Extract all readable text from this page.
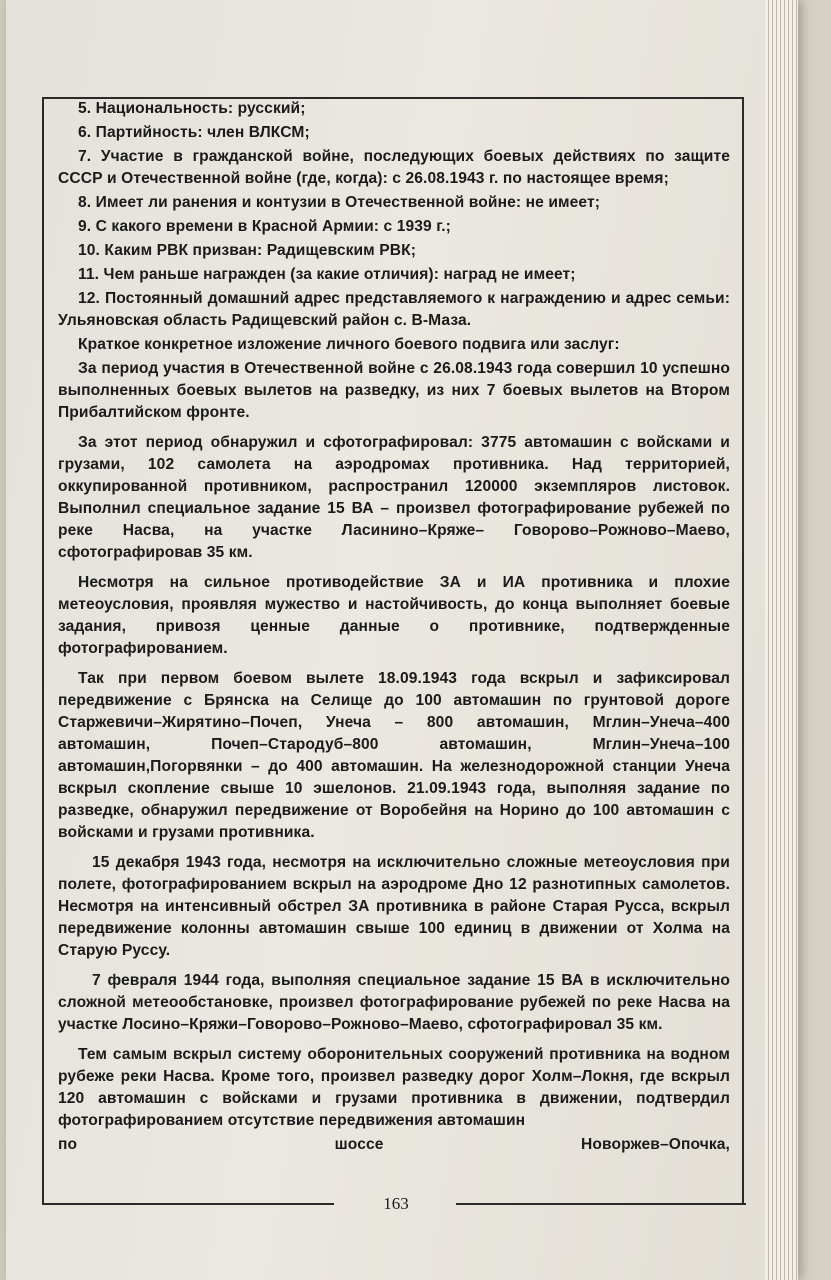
5. Национальность: русский;

6. Партийность: член ВЛКСМ;

7. Участие в гражданской войне, последующих боевых действиях по защите СССР и Отечественной войне (где, когда): с 26.08.1943 г. по настоящее время;

8. Имеет ли ранения и контузии в Отечественной войне: не имеет;

9. С какого времени в Красной Армии: с 1939 г.;

10. Каким РВК призван: Радищевским РВК;

11. Чем раньше награжден (за какие отличия): наград не имеет;

12. Постоянный домашний адрес представляемого к награждению и адрес семьи: Ульяновская область Радищевский район с. В-Маза.

Краткое конкретное изложение личного боевого подвига или заслуг:

За период участия в Отечественной войне с 26.08.1943 года совершил 10 успешно выполненных боевых вылетов на разведку, из них 7 боевых вылетов на Втором Прибалтийском фронте.

За этот период обнаружил и сфотографировал: 3775 автомашин с войсками и грузами, 102 самолета на аэродромах противника. Над территорией, оккупированной противником, распространил 120000 экземпляров листовок. Выполнил специальное задание 15 ВА – произвел фотографирование рубежей по реке Насва, на участке Ласинино–Кряже– Говорово–Рожново–Маево, сфотографировав 35 км.

Несмотря на сильное противодействие ЗА и ИА противника и плохие метеоусловия, проявляя мужество и настойчивость, до конца выполняет боевые задания, привозя ценные данные о противнике, подтвержденные фотографированием.

Так при первом боевом вылете 18.09.1943 года вскрыл и зафиксировал передвижение с Брянска на Селище до 100 автомашин по грунтовой дороге Старжевичи–Жирятино–Почеп, Унеча – 800 автомашин, Мглин–Унеча–400 автомашин, Почеп–Стародуб–800 автомашин, Мглин–Унеча–100 автомашин,Погорвянки – до 400 автомашин. На железнодорожной станции Унеча вскрыл скопление свыше 10 эшелонов. 21.09.1943 года, выполняя задание по разведке, обнаружил передвижение от Воробейня на Норино до 100 автомашин с войсками и грузами противника.

15 декабря 1943 года, несмотря на исключительно сложные метеоусловия при полете, фотографированием вскрыл на аэродроме Дно 12 разнотипных самолетов. Несмотря на интенсивный обстрел ЗА противника в районе Старая Русса, вскрыл передвижение колонны автомашин свыше 100 единиц в движении от Холма на Старую Руссу.

7 февраля 1944 года, выполняя специальное задание 15 ВА в исключительно сложной метеообстановке, произвел фотографирование рубежей по реке Насва на участке Лосино–Кряжи–Говорово–Рожново–Маево, сфотографировал 35 км.

Тем самым вскрыл систему оборонительных сооружений противника на водном рубеже реки Насва. Кроме того, произвел разведку дорог Холм–Локня, где вскрыл 120 автомашин с войсками и грузами противника в движении, подтвердил фотографированием отсутствие передвижения автомашин

по	шоссе	Новоржев–Опочка,
163
